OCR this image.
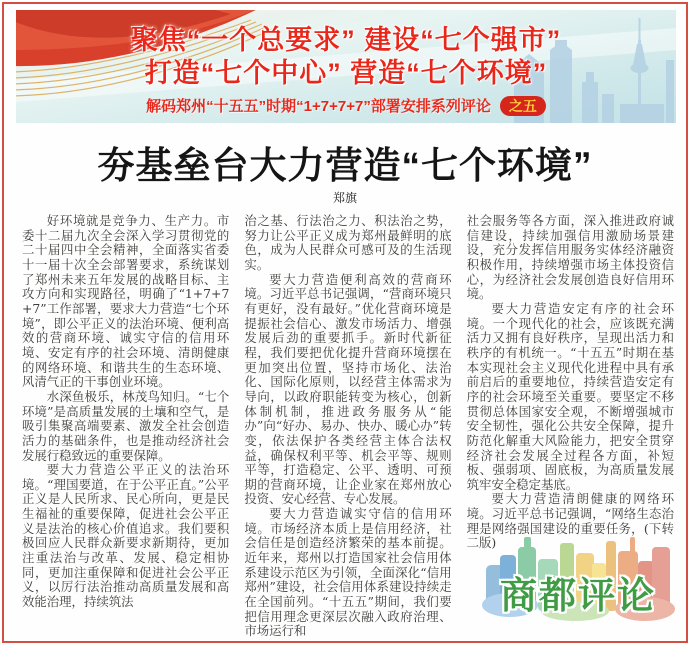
聚焦“一个总要求” 建设“七个强市”
打造“七个中心” 营造“七个环境”
解码郑州“十五五”时期“1+7+7+7”部署安排系列评论	之五
夯基垒台大力营造“七个环境”
郑旗

好环境就是竞争力、生产力。市委十二届九次全会深入学习贯彻党的二十届四中全会精神，全面落实省委十一届十次全会部署要求，系统谋划了郑州未来五年发展的战略目标、主攻方向和实现路径，明确了“1+7+7+7”工作部署，要求大力营造“七个环境”，即公平正义的法治环境、便利高效的营商环境、诚实守信的信用环境、安定有序的社会环境、清朗健康的网络环境、和谐共生的生态环境、风清气正的干事创业环境。

水深鱼极乐，林茂鸟知归。“七个环境”是高质量发展的土壤和空气，是吸引集聚高端要素、激发全社会创造活力的基础条件，也是推动经济社会发展行稳致远的重要保障。

要大力营造公平正义的法治环境。“理国要道，在于公平正直。”公平正义是人民所求、民心所向，更是民生福祉的重要保障，促进社会公平正义是法治的核心价值追求。我们要积极回应人民群众新要求新期待，更加注重法治与改革、发展、稳定相协同，更加注重保障和促进社会公平正义，以厉行法治推动高质量发展和高效能治理，持续筑法

治之基、行法治之力、积法治之势，努力让公平正义成为郑州最鲜明的底色，成为人民群众可感可及的生活现实。

要大力营造便利高效的营商环境。习近平总书记强调，“营商环境只有更好，没有最好。”优化营商环境是提振社会信心、激发市场活力、增强发展后劲的重要抓手。新时代新征程，我们要把优化提升营商环境摆在更加突出位置，坚持市场化、法治化、国际化原则，以经营主体需求为导向，以政府职能转变为核心，创新体制机制，推进政务服务从“能办”向“好办、易办、快办、暖心办”转变，依法保护各类经营主体合法权益，确保权利平等、机会平等、规则平等，打造稳定、公平、透明、可预期的营商环境，让企业家在郑州放心投资、安心经营、专心发展。

要大力营造诚实守信的信用环境。市场经济本质上是信用经济，社会信任是创造经济繁荣的基本前提。近年来，郑州以打造国家社会信用体系建设示范区为引领，全面深化“信用郑州”建设，社会信用体系建设持续走在全国前列。“十五五”期间，我们要把信用理念更深层次融入政府治理、市场运行和

社会服务等各方面，深入推进政府诚信建设，持续加强信用激励场景建设，充分发挥信用服务实体经济融资积极作用，持续增强市场主体投资信心，为经济社会发展创造良好信用环境。

要大力营造安定有序的社会环境。一个现代化的社会，应该既充满活力又拥有良好秩序，呈现出活力和秩序的有机统一。“十五五”时期在基本实现社会主义现代化进程中具有承前启后的重要地位，持续营造安定有序的社会环境至关重要。要坚定不移贯彻总体国家安全观，不断增强城市安全韧性，强化公共安全保障，提升防范化解重大风险能力，把安全贯穿经济社会发展全过程各方面，补短板、强弱项、固底板，为高质量发展筑牢安全稳定基底。

要大力营造清朗健康的网络环境。习近平总书记强调，“网络生态治理是网络强国建设的重要任务，(下转二版)

商都评论
